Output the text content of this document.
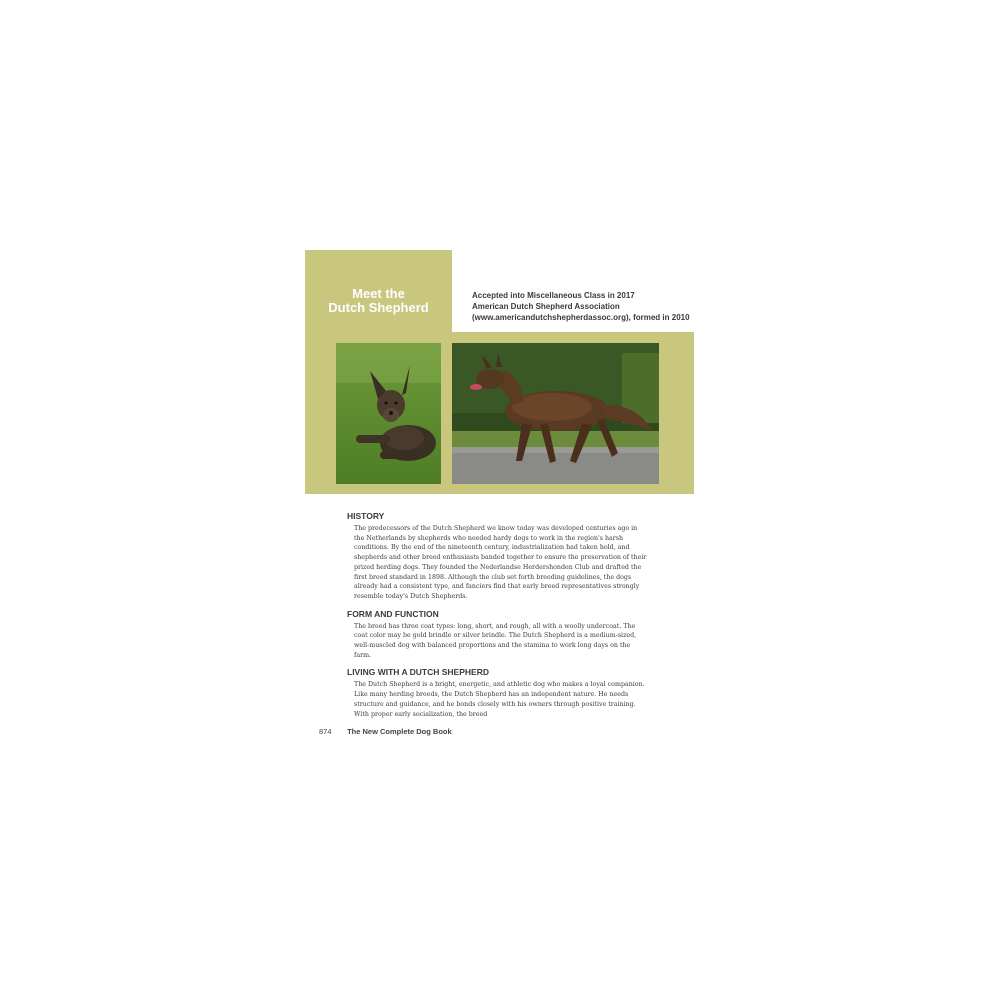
Meet the
Dutch Shepherd
Accepted into Miscellaneous Class in 2017
American Dutch Shepherd Association
(www.americandutchshepherdassoc.org), formed in 2010
HISTORY
The predecessors of the Dutch Shepherd we know today was developed centuries ago in the Netherlands by shepherds who needed hardy dogs to work in the region's harsh conditions. By the end of the nineteenth century, industrialization had taken hold, and shepherds and other breed enthusiasts banded together to ensure the preservation of their prized herding dogs. They founded the Nederlandse Herdershonden Club and drafted the first breed standard in 1898. Although the club set forth breeding guidelines, the dogs already had a consistent type, and fanciers find that early breed representatives strongly resemble today's Dutch Shepherds.
FORM AND FUNCTION
The breed has three coat types: long, short, and rough, all with a woolly undercoat. The coat color may be gold brindle or silver brindle. The Dutch Shepherd is a medium-sized, well-muscled dog with balanced proportions and the stamina to work long days on the farm.
LIVING WITH A DUTCH SHEPHERD
The Dutch Shepherd is a bright, energetic, and athletic dog who makes a loyal companion. Like many herding breeds, the Dutch Shepherd has an independent nature. He needs structure and guidance, and he bonds closely with his owners through positive training. With proper early socialization, the breed
874 The New Complete Dog Book
